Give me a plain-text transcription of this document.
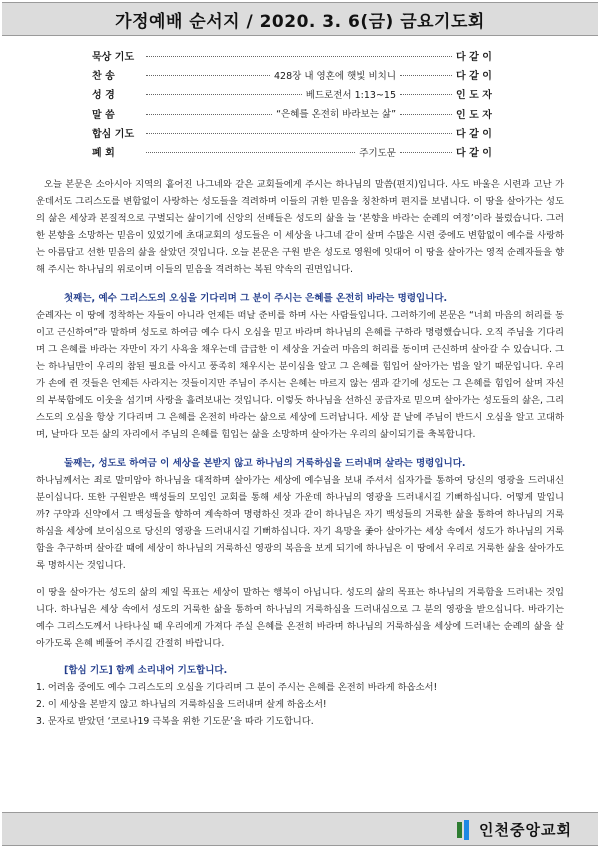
가정예배 순서지 / 2020. 3. 6(금) 금요기도회
묵상 기도	다 같 이
찬 송	428장 내 영혼에 햇빛 비치니	다 같 이
성 경	베드로전서 1:13~15	인 도 자
말 씀	“은혜를 온전히 바라보는 삶”	인 도 자
합심 기도	다 같 이
폐 회	주기도문	다 같 이

오늘 본문은 소아시아 지역의 흩어진 나그네와 같은 교회들에게 주시는 하나님의 말씀(편지)입니다. 사도 바울은 시련과 고난 가운데서도 그리스도를 변함없이 사랑하는 성도들을 격려하며 이들의 귀한 믿음을 칭찬하며 편지를 보냅니다. 이 땅을 살아가는 성도의 삶은 세상과 본질적으로 구별되는 삶이기에 신앙의 선배들은 성도의 삶을 늘 ‘본향을 바라는 순례의 여정’이라 불렀습니다. 그러한 본향을 소망하는 믿음이 있었기에 초대교회의 성도들은 이 세상을 나그네 같이 살며 수많은 시련 중에도 변함없이 예수를 사랑하는 아름답고 선한 믿음의 삶을 살았던 것입니다. 오늘 본문은 구원 받은 성도로 영원에 잇대어 이 땅을 살아가는 영적 순례자들을 향해 주시는 하나님의 위로이며 이들의 믿음을 격려하는 복된 약속의 권면입니다.

첫째는, 예수 그리스도의 오심을 기다리며 그 분이 주시는 은혜를 온전히 바라는 명령입니다.

순례자는 이 땅에 정착하는 자들이 아니라 언제든 떠날 준비를 하며 사는 사람들입니다. 그러하기에 본문은 “너희 마음의 허리를 동이고 근신하여”라 말하며 성도로 하여금 예수 다시 오심을 믿고 바라며 하나님의 은혜를 구하라 명령했습니다. 오직 주님을 기다리며 그 은혜를 바라는 자만이 자기 사욕을 채우는데 급급한 이 세상을 거슬러 마음의 허리를 동이며 근신하며 살아갈 수 있습니다. 그는 하나님만이 우리의 참된 필요를 아시고 풍족히 채우시는 분이심을 알고 그 은혜를 힘입어 살아가는 법을 알기 때문입니다. 우리가 손에 쥔 것들은 언제든 사라지는 것들이지만 주님이 주시는 은혜는 마르지 않는 샘과 같기에 성도는 그 은혜를 힘입어 살며 자신의 부북함에도 이웃을 섬기며 사랑을 흘려보내는 것입니다. 이렇듯 하나님을 선하신 공급자로 믿으며 살아가는 성도들의 삶은, 그리스도의 오심을 항상 기다리며 그 은혜를 온전히 바라는 삶으로 세상에 드러납니다. 세상 끝 날에 주님이 반드시 오심을 알고 고대하며, 날마다 모든 삶의 자리에서 주님의 은혜를 힘입는 삶을 소망하며 살아가는 우리의 삶이되기를 축복합니다.

둘째는, 성도로 하여금 이 세상을 본받지 않고 하나님의 거룩하심을 드러내며 살라는 명령입니다.

하나님께서는 죄로 말미암아 하나님을 대적하며 살아가는 세상에 예수님을 보내 주셔서 십자가를 통하여 당신의 영광을 드러내신 분이십니다. 또한 구원받은 백성들의 모임인 교회를 통해 세상 가운데 하나님의 영광을 드러내시길 기뻐하십니다. 어떻게 말입니까? 구약과 신약에서 그 백성들을 향하여 계속하여 명령하신 것과 같이 하나님은 자기 백성들의 거룩한 삶을 통하여 하나님의 거룩하심을 세상에 보이심으로 당신의 영광을 드러내시길 기뻐하십니다. 자기 욕망을 좇아 살아가는 세상 속에서 성도가 하나님의 거룩함을 추구하며 살아갈 때에 세상이 하나님의 거룩하신 영광의 복음을 보게 되기에 하나님은 이 땅에서 우리로 거룩한 삶을 살아가도록 명하시는 것입니다.

이 땅을 살아가는 성도의 삶의 제일 목표는 세상이 말하는 행복이 아닙니다. 성도의 삶의 목표는 하나님의 거룩함을 드러내는 것입니다. 하나님은 세상 속에서 성도의 거룩한 삶을 통하여 하나님의 거룩하심을 드러내심으로 그 분의 영광을 받으십니다. 바라기는 예수 그리스도께서 나타나실 때 우리에게 가져다 주실 은혜를 온전히 바라며 하나님의 거룩하심을 세상에 드러내는 순례의 삶을 살아가도록 은혜 베풀어 주시길 간절히 바랍니다.

[합심 기도] 함께 소리내어 기도합니다.

1. 어려움 중에도 예수 그리스도의 오심을 기다리며 그 분이 주시는 은혜를 온전히 바라게 하옵소서!
2. 이 세상을 본받지 않고 하나님의 거룩하심을 드러내며 살게 하옵소서!
3. 문자로 받았던 ‘코로나19 극복을 위한 기도문’을 따라 기도합니다.
인천중앙교회
